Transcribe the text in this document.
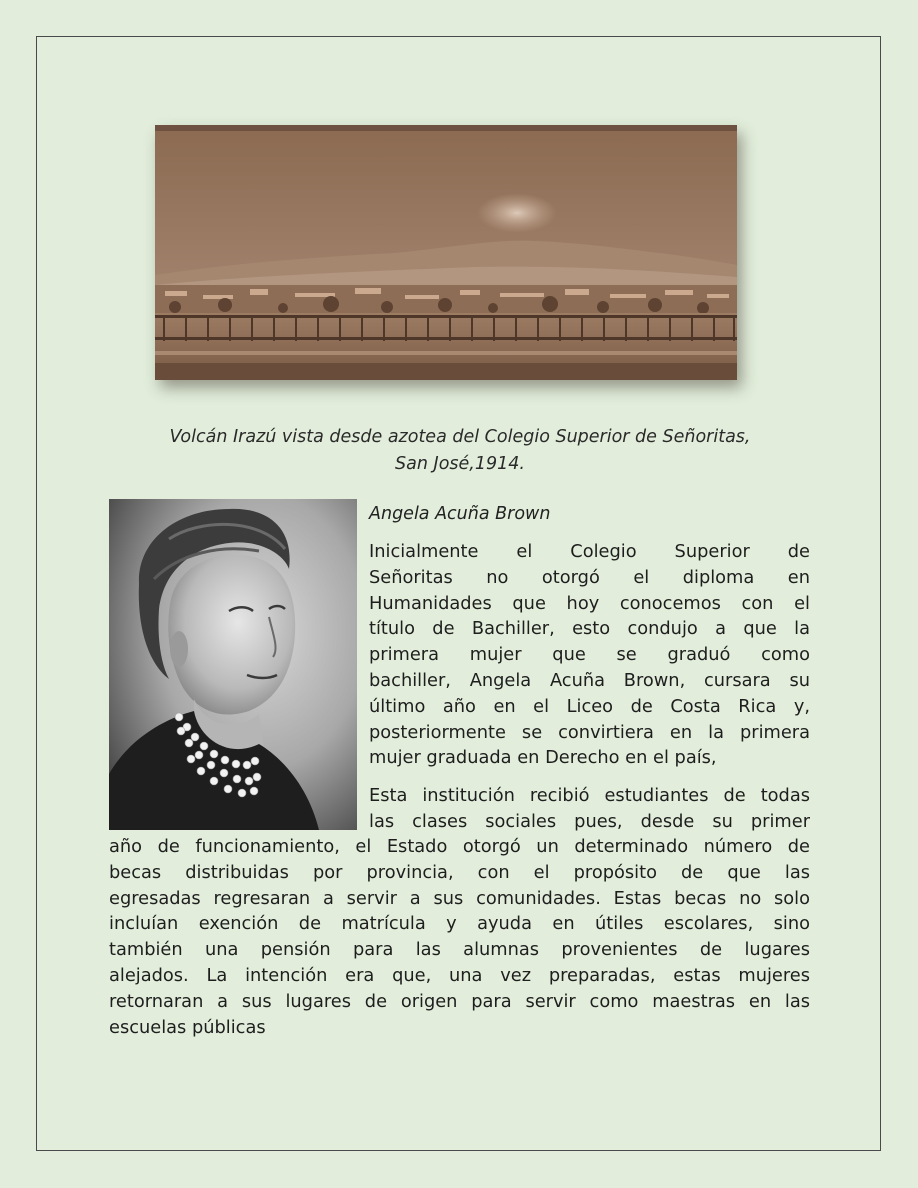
Volcán Irazú vista desde azotea del Colegio Superior de Señoritas,
San José,1914.
Angela Acuña Brown
Inicialmente el Colegio Superior de
Señoritas no otorgó el diploma en
Humanidades que hoy conocemos con el
título de Bachiller, esto condujo a que la
primera mujer que se graduó como
bachiller, Angela Acuña Brown, cursara su
último año en el Liceo de Costa Rica y,
posteriormente se convirtiera en la primera
mujer graduada en Derecho en el país,
Esta institución recibió estudiantes de todas
las clases sociales pues, desde su primer
año de funcionamiento, el Estado otorgó un determinado número de
becas distribuidas por provincia, con el propósito de que las
egresadas regresaran a servir a sus comunidades. Estas becas no solo
incluían exención de matrícula y ayuda en útiles escolares, sino
también una pensión para las alumnas provenientes de lugares
alejados. La intención era que, una vez preparadas, estas mujeres
retornaran a sus lugares de origen para servir como maestras en las
escuelas públicas
